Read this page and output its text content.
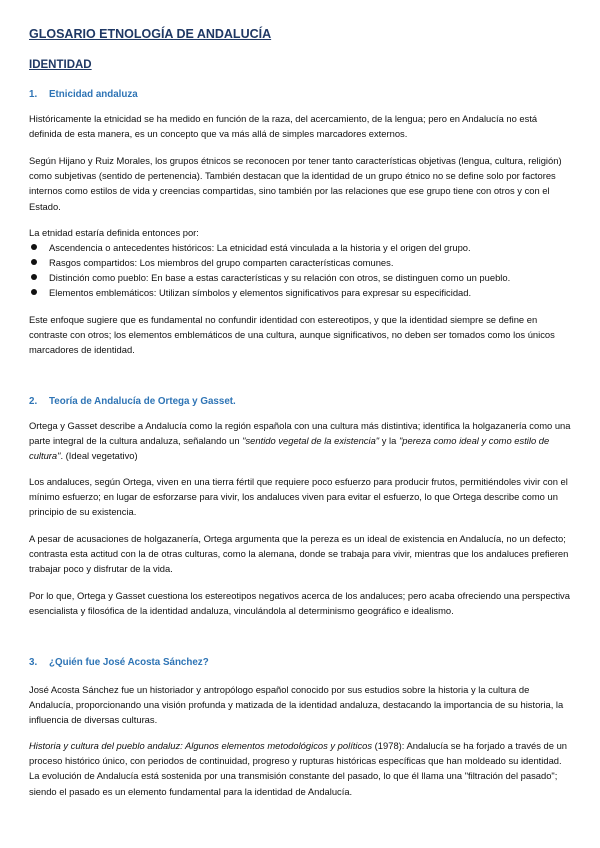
GLOSARIO ETNOLOGÍA DE ANDALUCÍA
IDENTIDAD
1. Etnicidad andaluza

Históricamente la etnicidad se ha medido en función de la raza, del acercamiento, de la lengua; pero en Andalucía no está definida de esta manera, es un concepto que va más allá de simples marcadores externos.

Según Hijano y Ruiz Morales, los grupos étnicos se reconocen por tener tanto características objetivas (lengua, cultura, religión) como subjetivas (sentido de pertenencia). También destacan que la identidad de un grupo étnico no se define solo por factores internos como estilos de vida y creencias compartidas, sino también por las relaciones que ese grupo tiene con otros y con el Estado.

La etnidad estaría definida entonces por:

Ascendencia o antecedentes históricos: La etnicidad está vinculada a la historia y el origen del grupo.
Rasgos compartidos: Los miembros del grupo comparten características comunes.
Distinción como pueblo: En base a estas características y su relación con otros, se distinguen como un pueblo.
Elementos emblemáticos: Utilizan símbolos y elementos significativos para expresar su especificidad.

Este enfoque sugiere que es fundamental no confundir identidad con estereotipos, y que la identidad siempre se define en contraste con otros; los elementos emblemáticos de una cultura, aunque significativos, no deben ser tomados como los únicos marcadores de identidad.

2. Teoría de Andalucía de Ortega y Gasset.

Ortega y Gasset describe a Andalucía como la región española con una cultura más distintiva; identifica la holgazanería como una parte integral de la cultura andaluza, señalando un "sentido vegetal de la existencia" y la "pereza como ideal y como estilo de cultura". (Ideal vegetativo)

Los andaluces, según Ortega, viven en una tierra fértil que requiere poco esfuerzo para producir frutos, permitiéndoles vivir con el mínimo esfuerzo; en lugar de esforzarse para vivir, los andaluces viven para evitar el esfuerzo, lo que Ortega describe como un principio de su existencia.

A pesar de acusaciones de holgazanería, Ortega argumenta que la pereza es un ideal de existencia en Andalucía, no un defecto; contrasta esta actitud con la de otras culturas, como la alemana, donde se trabaja para vivir, mientras que los andaluces prefieren trabajar poco y disfrutar de la vida.

Por lo que, Ortega y Gasset cuestiona los estereotipos negativos acerca de los andaluces; pero acaba ofreciendo una perspectiva esencialista y filosófica de la identidad andaluza, vinculándola al determinismo geográfico e idealismo.

3. ¿Quién fue José Acosta Sánchez?

José Acosta Sánchez fue un historiador y antropólogo español conocido por sus estudios sobre la historia y la cultura de Andalucía, proporcionando una visión profunda y matizada de la identidad andaluza, destacando la importancia de su historia, la influencia de diversas culturas.

Historia y cultura del pueblo andaluz: Algunos elementos metodológicos y políticos (1978): Andalucía se ha forjado a través de un proceso histórico único, con periodos de continuidad, progreso y rupturas históricas específicas que han moldeado su identidad. La evolución de Andalucía está sostenida por una transmisión constante del pasado, lo que él llama una "filtración del pasado"; siendo el pasado es un elemento fundamental para la identidad de Andalucía.
